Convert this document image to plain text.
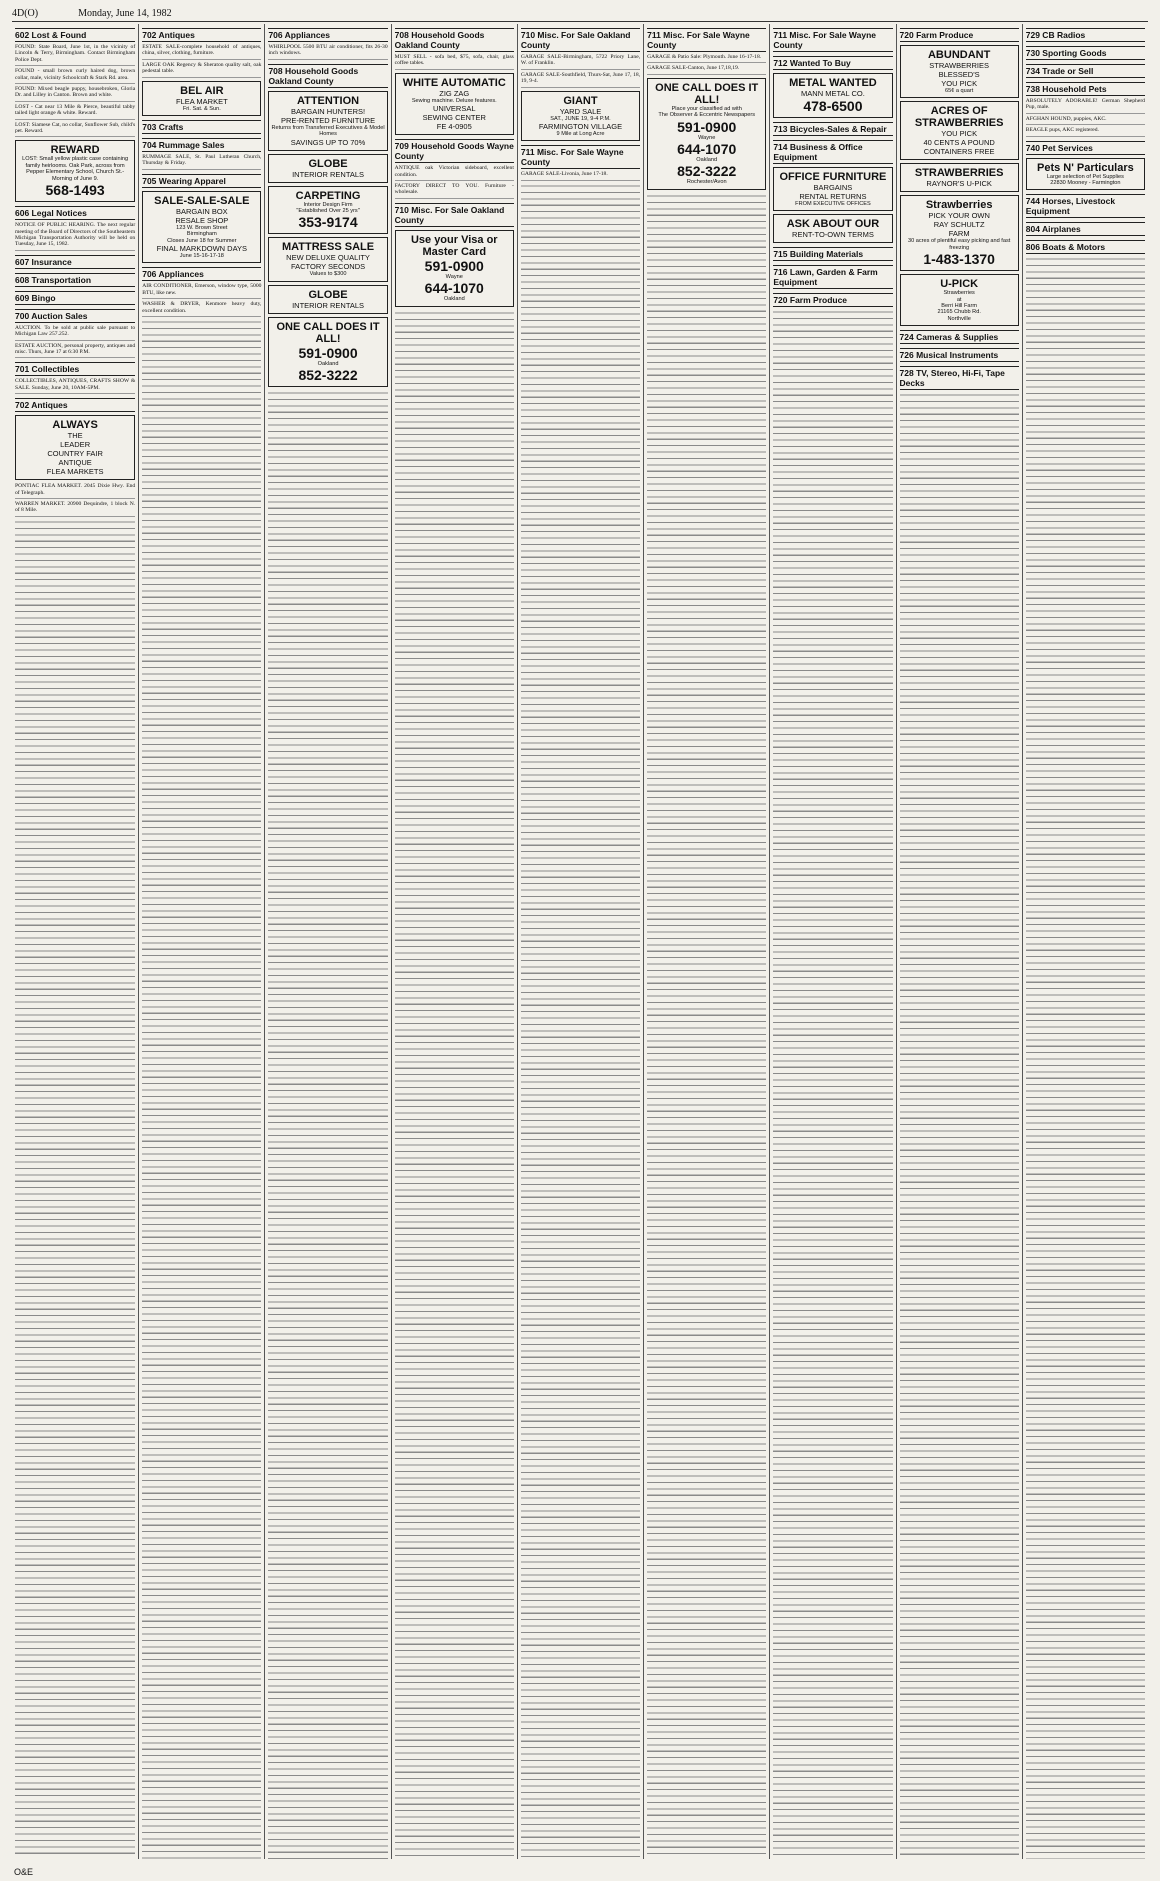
4D(O)	Monday, June 14, 1982
602 Lost & Found
FOUND: State Board, June 1st, in the vicinity of Lincoln & Terry, Birmingham. Contact Birmingham Police Dept.
FOUND - small brown curly haired dog, brown collar, male, vicinity Schoolcraft & Stark Rd. area.
FOUND: Mixed beagle puppy, housebroken, Gloria Dr. and Lilley in Canton. Brown and white.
LOST - Cat near 13 Mile & Pierce, beautiful tabby tailed light orange & white. Reward.
LOST: Siamese Cat, no collar, Sunflower Sub, child's pet. Reward.
REWARD
LOST: Small yellow plastic case containing family heirlooms. Oak Park, across from Pepper Elementary School, Church St.-Morning of June 9.
568-1493
606 Legal Notices
NOTICE OF PUBLIC HEARING. The next regular meeting of the Board of Directors of the Southeastern Michigan Transportation Authority will be held on Tuesday, June 15, 1982.
607 Insurance
608 Transportation
609 Bingo
700 Auction Sales
AUCTION. To be sold at public sale pursuant to Michigan Law 257.252.
ESTATE AUCTION, personal property, antiques and misc. Thurs, June 17 at 6:30 P.M.
701 Collectibles
COLLECTIBLES, ANTIQUES, CRAFTS SHOW & SALE. Sunday, June 20, 10AM-5PM.
702 Antiques
ALWAYS
THE
LEADER
COUNTRY FAIR
ANTIQUE
FLEA MARKETS
PONTIAC FLEA MARKET. 2045 Dixie Hwy. End of Telegraph.
WARREN MARKET. 20900 Dequindre, 1 block N. of 8 Mile.
702 Antiques
ESTATE SALE-complete household of antiques, china, silver, clothing, furniture.
LARGE OAK Regency & Sheraton quality salt, oak pedestal table.
BEL AIR
FLEA MARKET
Fri. Sat. & Sun.
703 Crafts
704 Rummage Sales
RUMMAGE SALE, St. Paul Lutheran Church, Thursday & Friday.
705 Wearing Apparel
SALE-SALE-SALE
BARGAIN BOX
RESALE SHOP
123 W. Brown Street
Birmingham
Closes June 18 for Summer
FINAL MARKDOWN DAYS
June 15-16-17-18
706 Appliances
AIR CONDITIONER, Emerson, window type, 5000 BTU, like new.
WASHER & DRYER, Kenmore heavy duty, excellent condition.
706 Appliances
WHIRLPOOL 5500 BTU air conditioner, fits 26-30 inch windows.
708 Household Goods Oakland County
ATTENTION
BARGAIN HUNTERS!
PRE-RENTED FURNITURE
Returns from Transferred Executives & Model Homes
SAVINGS UP TO 70%
GLOBE
INTERIOR RENTALS
CARPETING
Interior Design Firm
"Established Over 25 yrs"
353-9174
MATTRESS SALE
NEW DELUXE QUALITY
FACTORY SECONDS
Values to $300
GLOBE
INTERIOR RENTALS
ONE CALL DOES IT ALL!
591-0900
Oakland
852-3222
708 Household Goods Oakland County
MUST SELL - sofa bed, $75, sofa, chair, glass coffee tables.
WHITE AUTOMATIC
ZIG ZAG
Sewing machine. Deluxe features.
UNIVERSAL
SEWING CENTER
FE 4-0905
709 Household Goods Wayne County
ANTIQUE oak Victorian sideboard, excellent condition.
FACTORY DIRECT TO YOU. Furniture - wholesale.
710 Misc. For Sale Oakland County
Use your Visa or Master Card
591-0900
Wayne
644-1070
Oakland
710 Misc. For Sale Oakland County
GARAGE SALE-Birmingham, 5722 Priory Lane, W. of Franklin.
GARAGE SALE-Southfield, Thurs-Sat, June 17, 18, 19, 9-4.
GIANT
YARD SALE
SAT., JUNE 19, 9-4 P.M.
FARMINGTON VILLAGE
9 Mile at Long Acre
711 Misc. For Sale Wayne County
GARAGE SALE-Livonia, June 17-18.
711 Misc. For Sale Wayne County
GARAGE & Patio Sale: Plymouth. June 16-17-18.
GARAGE SALE-Canton, June 17,18,19.
ONE CALL DOES IT ALL!
Place your classified ad with
The Observer & Eccentric Newspapers
591-0900
Wayne
644-1070
Oakland
852-3222
Rochester/Avon
711 Misc. For Sale Wayne County
712 Wanted To Buy
METAL WANTED
MANN METAL CO.
478-6500
713 Bicycles-Sales & Repair
714 Business & Office Equipment
OFFICE FURNITURE
BARGAINS
RENTAL RETURNS
FROM EXECUTIVE OFFICES
ASK ABOUT OUR
RENT-TO-OWN TERMS
715 Building Materials
716 Lawn, Garden & Farm Equipment
720 Farm Produce
720 Farm Produce
ABUNDANT
STRAWBERRIES
BLESSED'S
YOU PICK
65¢ a quart
ACRES OF STRAWBERRIES
YOU PICK
40 CENTS A POUND
CONTAINERS FREE
STRAWBERRIES
RAYNOR'S U-PICK
Strawberries
PICK YOUR OWN
RAY SCHULTZ
FARM
30 acres of plentiful easy picking and fast freezing
1-483-1370
U-PICK
Strawberries
at
Berri Hill Farm
21165 Chubb Rd.
Northville
724 Cameras & Supplies
726 Musical Instruments
728 TV, Stereo, Hi-Fi, Tape Decks
729 CB Radios
730 Sporting Goods
734 Trade or Sell
738 Household Pets
ABSOLUTELY ADORABLE! German Shepherd Pup, male.
AFGHAN HOUND, puppies, AKC.
BEAGLE pups, AKC registered.
740 Pet Services
Pets N' Particulars
Large selection of Pet Supplies
22830 Mooney - Farmington
744 Horses, Livestock Equipment
804 Airplanes
806 Boats & Motors
O&E
